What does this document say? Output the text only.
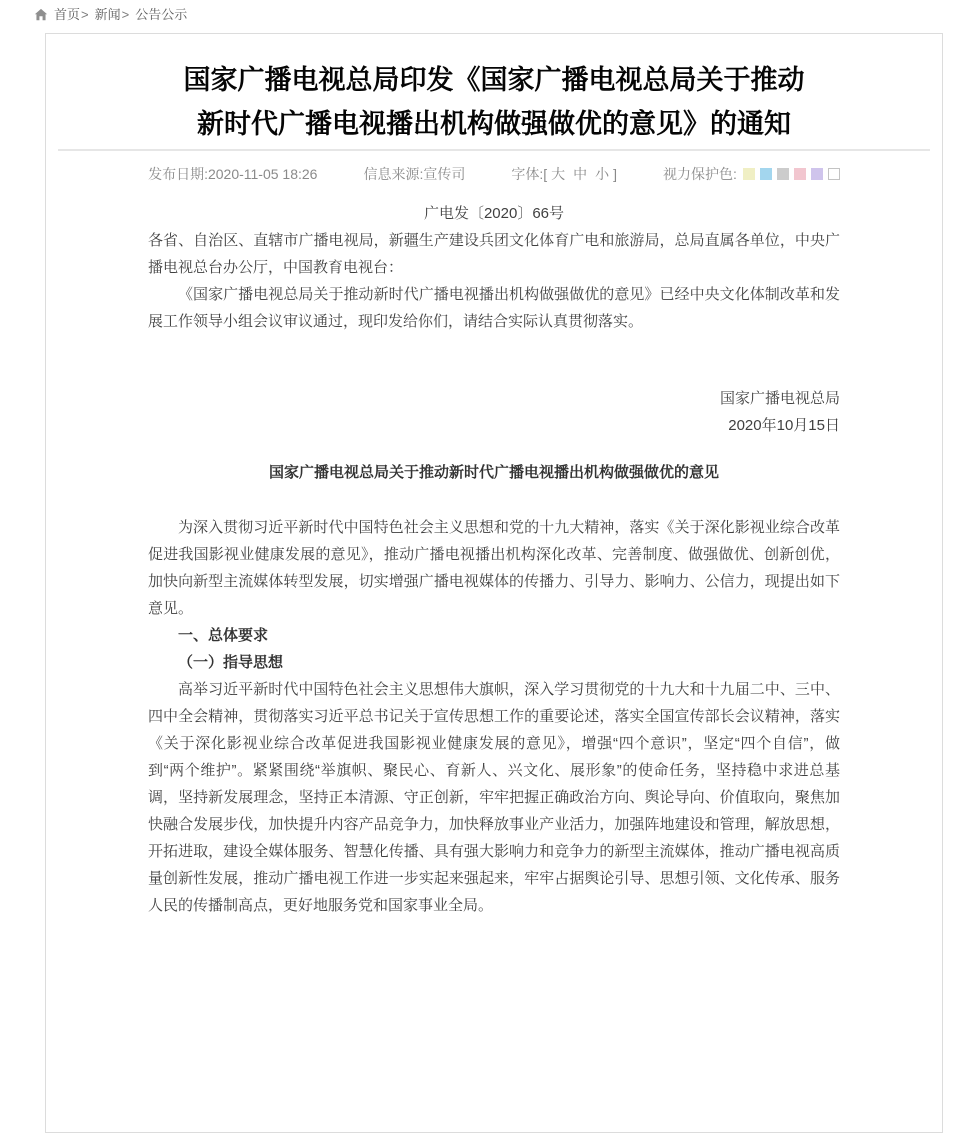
首页 > 新闻 > 公告公示
国家广播电视总局印发《国家广播电视总局关于推动
新时代广播电视播出机构做强做优的意见》的通知
发布日期: 2020-11-05 18:26	信息来源: 宣传司	字体: [ 大 中 小 ]	视力保护色:

广电发〔2020〕66号

各省、自治区、直辖市广播电视局，新疆生产建设兵团文化体育广电和旅游局，总局直属各单位，中央广播电视总台办公厅，中国教育电视台：

《国家广播电视总局关于推动新时代广播电视播出机构做强做优的意见》已经中央文化体制改革和发展工作领导小组会议审议通过，现印发给你们，请结合实际认真贯彻落实。

国家广播电视总局

2020年10月15日

国家广播电视总局关于推动新时代广播电视播出机构做强做优的意见

为深入贯彻习近平新时代中国特色社会主义思想和党的十九大精神，落实《关于深化影视业综合改革促进我国影视业健康发展的意见》，推动广播电视播出机构深化改革、完善制度、做强做优、创新创优，加快向新型主流媒体转型发展，切实增强广播电视媒体的传播力、引导力、影响力、公信力，现提出如下意见。

一、总体要求

（一）指导思想

高举习近平新时代中国特色社会主义思想伟大旗帜，深入学习贯彻党的十九大和十九届二中、三中、四中全会精神，贯彻落实习近平总书记关于宣传思想工作的重要论述，落实全国宣传部长会议精神，落实《关于深化影视业综合改革促进我国影视业健康发展的意见》，增强“四个意识”，坚定“四个自信”，做到“两个维护”。紧紧围绕“举旗帜、聚民心、育新人、兴文化、展形象”的使命任务，坚持稳中求进总基调，坚持新发展理念，坚持正本清源、守正创新，牢牢把握正确政治方向、舆论导向、价值取向，聚焦加快融合发展步伐，加快提升内容产品竞争力，加快释放事业产业活力，加强阵地建设和管理，解放思想，开拓进取，建设全媒体服务、智慧化传播、具有强大影响力和竞争力的新型主流媒体，推动广播电视高质量创新性发展，推动广播电视工作进一步实起来强起来，牢牢占据舆论引导、思想引领、文化传承、服务人民的传播制高点，更好地服务党和国家事业全局。
